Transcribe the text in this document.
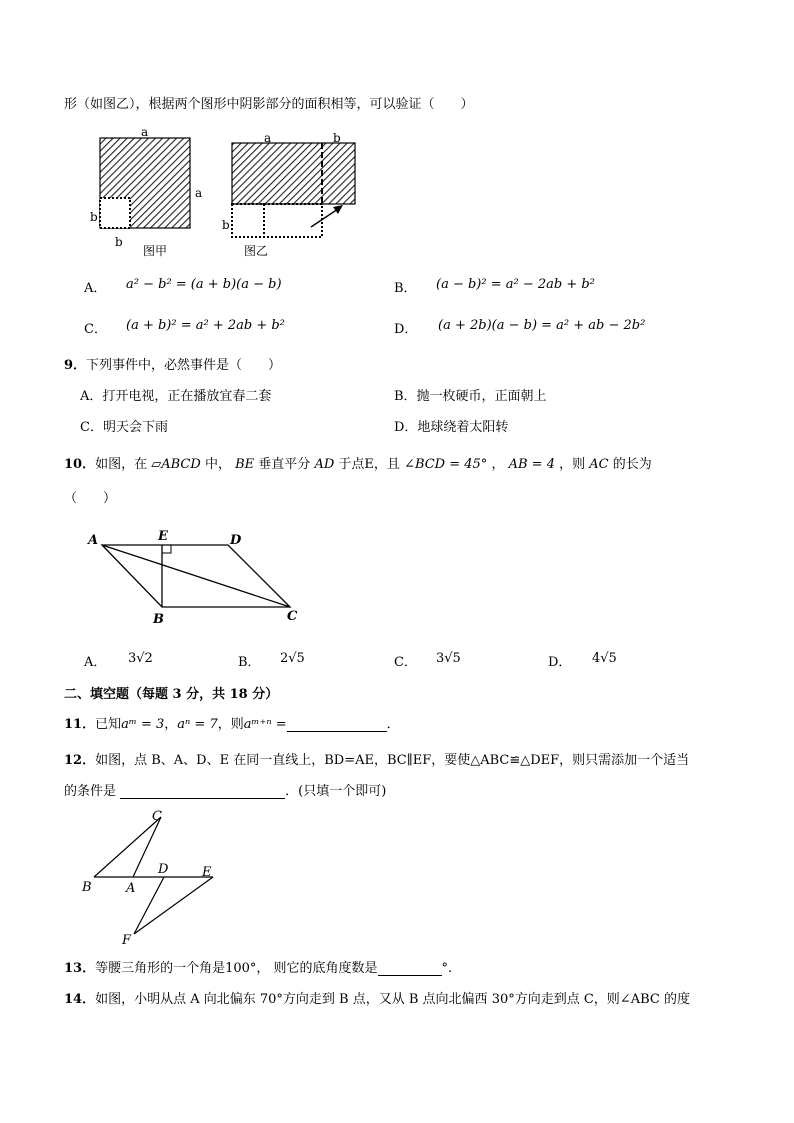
形（如图乙），根据两个图形中阴影部分的面积相等，可以验证（　　）
a
a
b
b
图甲
a	b
b
图乙
A． a² − b² = (a + b)(a − b)	B． (a − b)² = a² − 2ab + b²
C． (a + b)² = a² + 2ab + b²	D． (a + 2b)(a − b) = a² + ab − 2b²
9．下列事件中，必然事件是（　　）
A．打开电视，正在播放宜春二套	B．抛一枚硬币，正面朝上
C．明天会下雨	D．地球绕着太阳转
10．如图，在 ▱ABCD 中， BE 垂直平分 AD 于点E，且 ∠BCD = 45° ， AB = 4 ，则 AC 的长为
（　　）
A	E	D
B	C
A． 3√2	B． 2√5	C． 3√5	D． 4√5
二、填空题（每题 3 分，共 18 分）
11．已知aᵐ = 3，aⁿ = 7，则aᵐ⁺ⁿ =	．
12．如图，点 B、A、D、E 在同一直线上，BD=AE，BC∥EF，要使△ABC≌△DEF，则只需添加一个适当
的条件是	．(只填一个即可)
C
B	A
D	E
F
13．等腰三角形的一个角是100°， 则它的底角度数是	°.
14．如图，小明从点 A 向北偏东 70°方向走到 B 点，又从 B 点向北偏西 30°方向走到点 C，则∠ABC 的度
